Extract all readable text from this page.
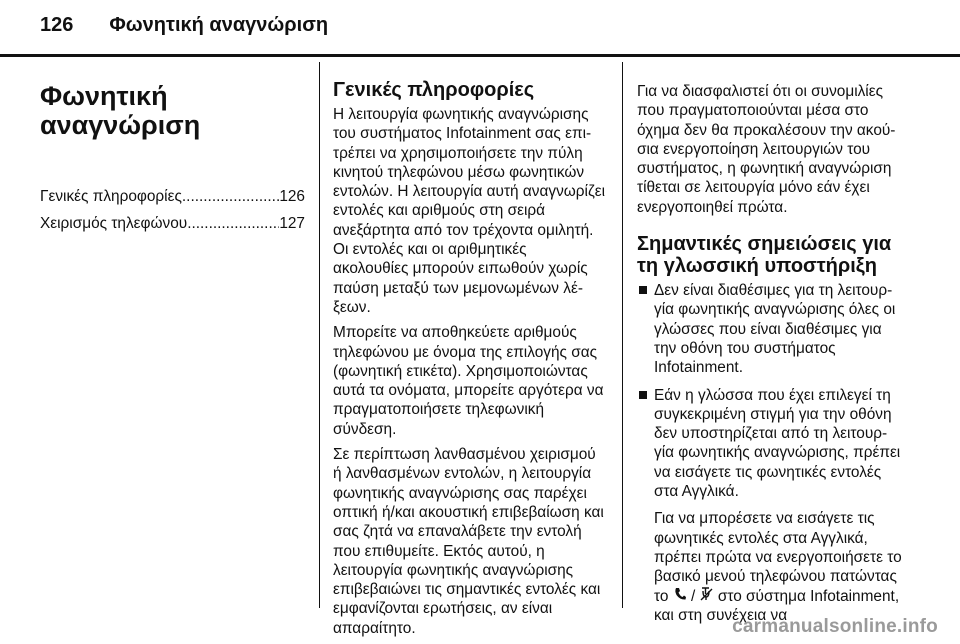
126 Φωνητική αναγνώριση
Φωνητική
αναγνώριση
Γενικές πληροφορίες .....	126
Χειρισμός τηλεφώνου .....	127
Γενικές πληροφορίες

Η λειτουργία φωνητικής αναγνώρισης του συστήματος Infotainment σας επιτρέπει να χρησιμοποιήσετε την πύλη κινητού τηλεφώνου μέσω φωνητικών εντολών. Η λειτουργία αυτή αναγνωρίζει εντολές και αριθμούς στη σειρά ανεξάρτητα από τον τρέχοντα ομιλητή. Οι εντολές και οι αριθμητικές ακολουθίες μπορούν ειπωθούν χωρίς παύση μεταξύ των μεμονωμένων λέξεων.

Μπορείτε να αποθηκεύετε αριθμούς τηλεφώνου με όνομα της επιλογής σας (φωνητική ετικέτα). Χρησιμοποιώντας αυτά τα ονόματα, μπορείτε αργότερα να πραγματοποιήσετε τηλεφωνική σύνδεση.

Σε περίπτωση λανθασμένου χειρισμού ή λανθασμένων εντολών, η λειτουργία φωνητικής αναγνώρισης σας παρέχει οπτική ή/και ακουστική επιβεβαίωση και σας ζητά να επαναλάβετε την εντολή που επιθυμείτε. Εκτός αυτού, η λειτουργία φωνητικής αναγνώρισης επιβεβαιώνει τις σημαντικές εντολές και εμφανίζονται ερωτήσεις, αν είναι απαραίτητο.

Για να διασφαλιστεί ότι οι συνομιλίες που πραγματοποιούνται μέσα στο όχημα δεν θα προκαλέσουν την ακούσια ενεργοποίηση λειτουργιών του συστήματος, η φωνητική αναγνώριση τίθεται σε λειτουργία μόνο εάν έχει ενεργοποιηθεί πρώτα.

Σημαντικές σημειώσεις για τη γλωσσική υποστήριξη
Δεν είναι διαθέσιμες για τη λειτουργία φωνητικής αναγνώρισης όλες οι γλώσσες που είναι διαθέσιμες για την οθόνη του συστήματος Infotainment.
Εάν η γλώσσα που έχει επιλεγεί τη συγκεκριμένη στιγμή για την οθόνη δεν υποστηρίζεται από τη λειτουργία φωνητικής αναγνώρισης, πρέπει να εισάγετε τις φωνητικές εντολές στα Αγγλικά.

Για να μπορέσετε να εισάγετε τις φωνητικές εντολές στα Αγγλικά, πρέπει πρώτα να ενεργοποιήσετε το βασικό μενού τηλεφώνου πατώντας το / στο σύστημα Infotainment, και στη συνέχεια να

carmanualsonline.info
